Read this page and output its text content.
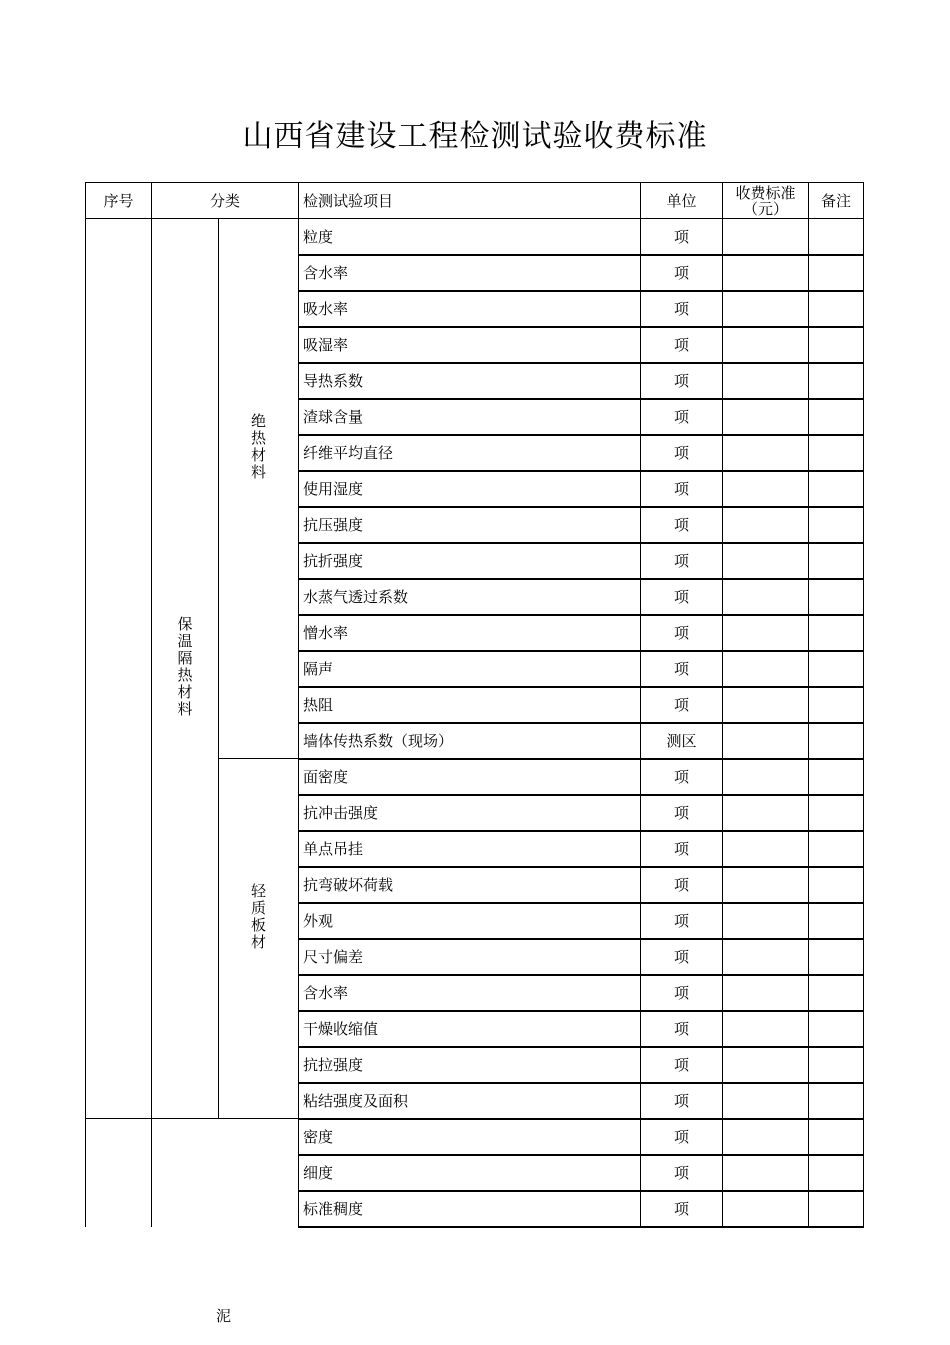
山西省建设工程检测试验收费标准
序号	分类		检测试验项目	单位	收费标准（元）	备注
	保温隔热材料	绝热材料	粒度	项		
			含水率	项		
			吸水率	项		
			吸湿率	项		
			导热系数	项		
			渣球含量	项		
			纤维平均直径	项		
			使用湿度	项		
			抗压强度	项		
			抗折强度	项		
			水蒸气透过系数	项		
			憎水率	项		
			隔声	项		
			热阻	项		
			墙体传热系数（现场）	测区		
		轻质板材	面密度	项		
			抗冲击强度	项		
			单点吊挂	项		
			抗弯破坏荷载	项		
			外观	项		
			尺寸偏差	项		
			含水率	项		
			干燥收缩值	项		
			抗拉强度	项		
			粘结强度及面积	项		
			密度	项		
			细度	项		
			标准稠度	项		
泥
